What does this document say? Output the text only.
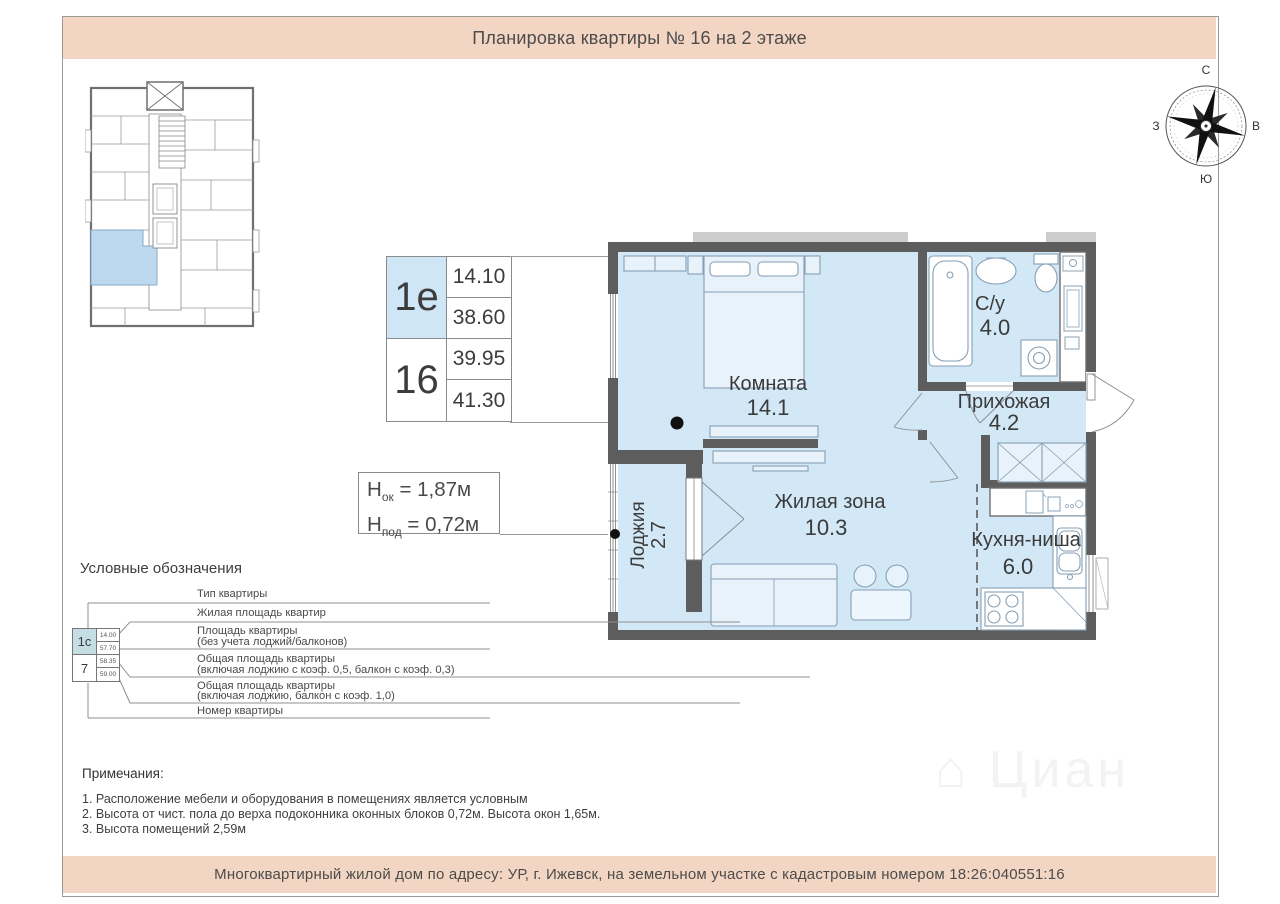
Планировка квартиры № 16 на 2 этаже
Многоквартирный жилой дом по адресу: УР, г. Ижевск, на земельном участке с кадастровым номером 18:26:040551:16
⌂ Циан
С
В
Ю
З
1е 14.10
38.60
16 39.95
41.30
$Н_{ок} = 1,87м$
$Н_{под} = 0,72м$
Комната
14.1
С/у
4.0
Прихожая
4.2
Жилая зона
10.3	Кухня-ниша
6.0
Лоджия 2.7
Условные обозначения
1с	14.00
57.70
7	58.35
59.00
Тип квартиры
Жилая площадь квартир
Площадь квартиры
(без учета лоджий/балконов)
Общая площадь квартиры
(включая лоджию с коэф. 0,5, балкон с коэф. 0,3)
Общая площадь квартиры
(включая лоджию, балкон с коэф. 1,0)
Номер квартиры
Примечания:
1. Расположение мебели и оборудования в помещениях является условным
2. Высота от чист. пола до верха подоконника оконных блоков 0,72м. Высота окон 1,65м.
3. Высота помещений 2,59м
